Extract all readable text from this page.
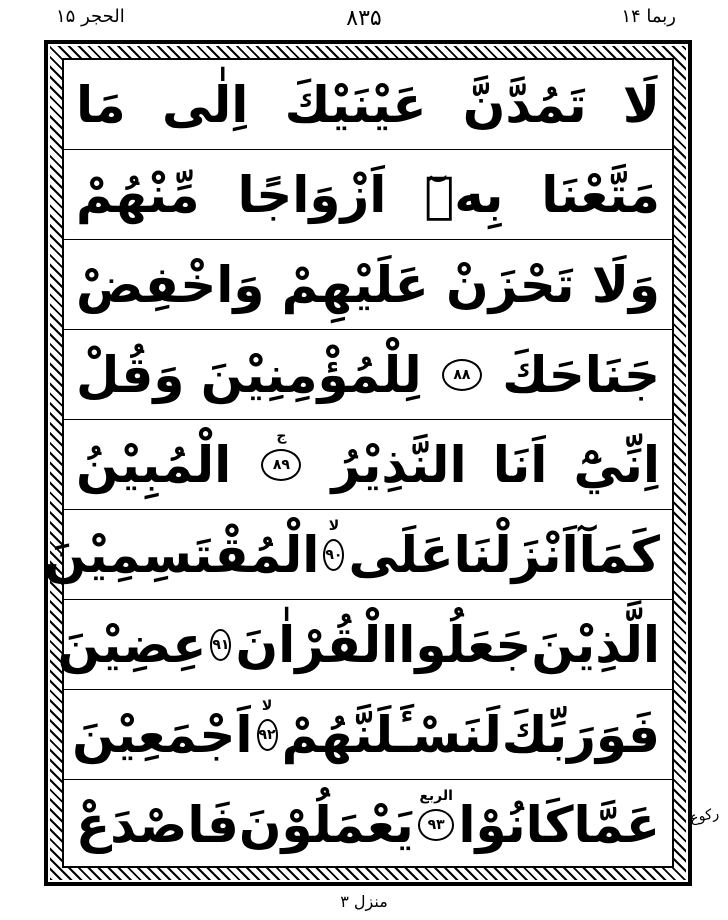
الحجر ۱۵	۸۳۵	ربما ۱۴
لَا
تَمُدَّنَّ
عَيْنَيْكَ
اِلٰى
مَا
مَتَّعْنَا
بِهٖٓ
اَزْوَاجًا
مِّنْهُمْ
وَلَا
تَحْزَنْ
عَلَيْهِمْ
وَاخْفِضْ
جَنَاحَكَ
۸۸
لِلْمُؤْمِنِيْنَ
وَقُلْ
اِنِّيْٓ
اَنَا
النَّذِيْرُ
۸۹
ج
الْمُبِيْنُ
كَمَآ
اَنْزَلْنَا
عَلَى
۹۰
لا
الْمُقْتَسِمِيْنَ
الَّذِيْنَ
جَعَلُوا
الْقُرْاٰنَ
۹۱
عِضِيْنَ
فَوَرَبِّكَ
لَنَسْـَٔلَنَّهُمْ
۹۲
لا
اَجْمَعِيْنَ
عَمَّا
كَانُوْا
۹۳
الربع
يَعْمَلُوْنَ
فَاصْدَعْ	ركوع
منزل ۳
